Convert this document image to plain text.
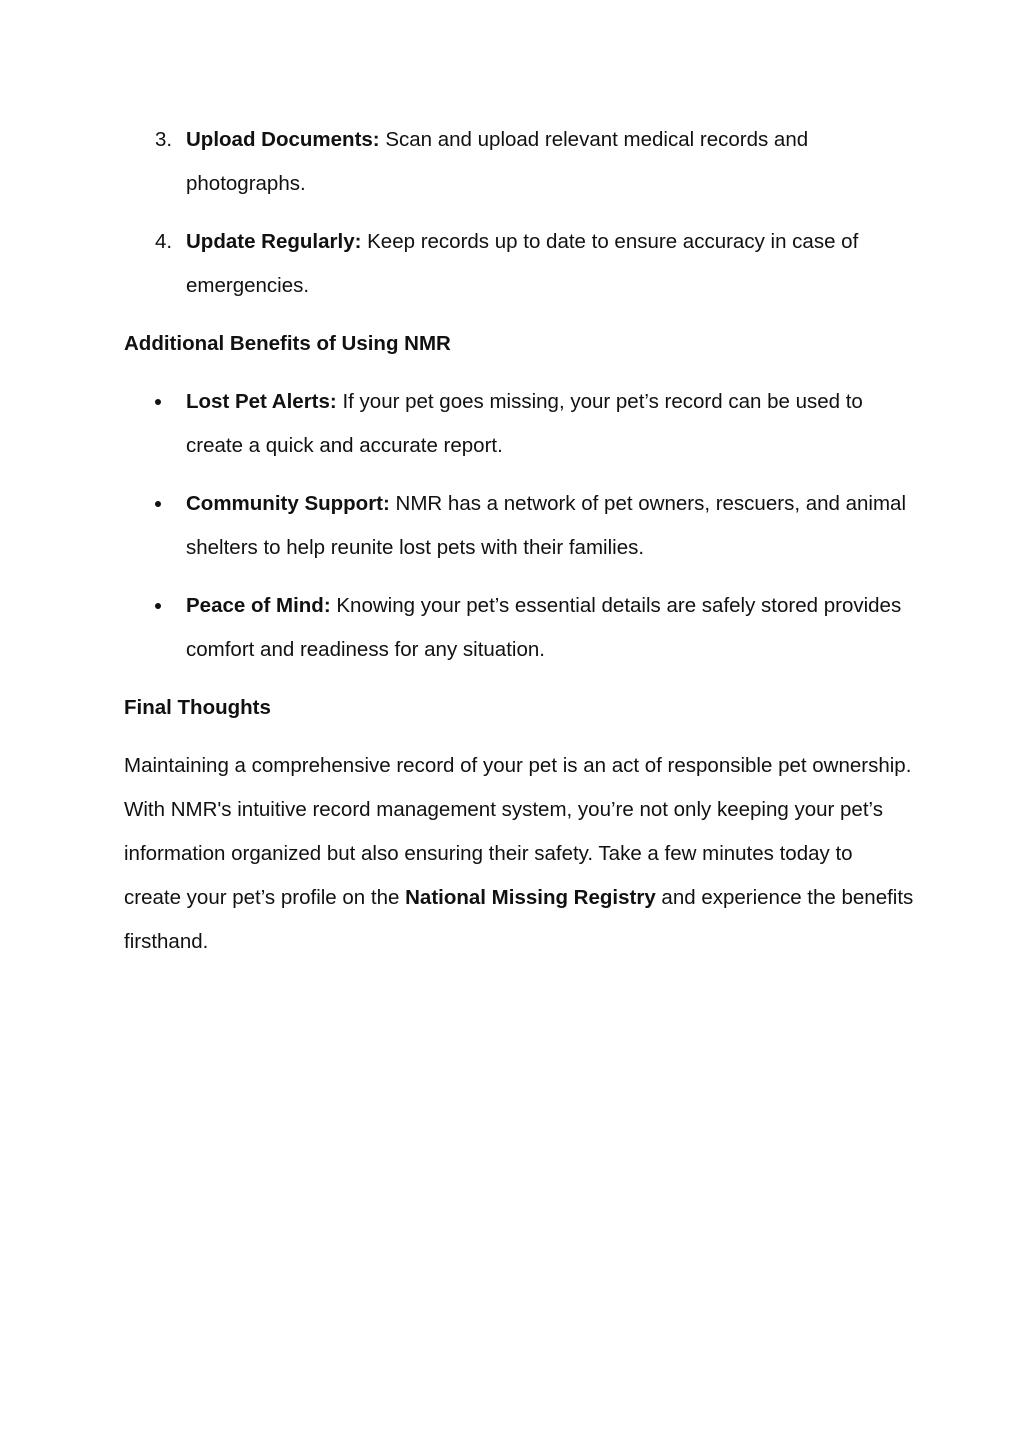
3. Upload Documents: Scan and upload relevant medical records and photographs.
4. Update Regularly: Keep records up to date to ensure accuracy in case of emergencies.
Additional Benefits of Using NMR
Lost Pet Alerts: If your pet goes missing, your pet’s record can be used to create a quick and accurate report.
Community Support: NMR has a network of pet owners, rescuers, and animal shelters to help reunite lost pets with their families.
Peace of Mind: Knowing your pet’s essential details are safely stored provides comfort and readiness for any situation.
Final Thoughts

Maintaining a comprehensive record of your pet is an act of responsible pet ownership. With NMR's intuitive record management system, you’re not only keeping your pet’s information organized but also ensuring their safety. Take a few minutes today to create your pet’s profile on the National Missing Registry and experience the benefits firsthand.
